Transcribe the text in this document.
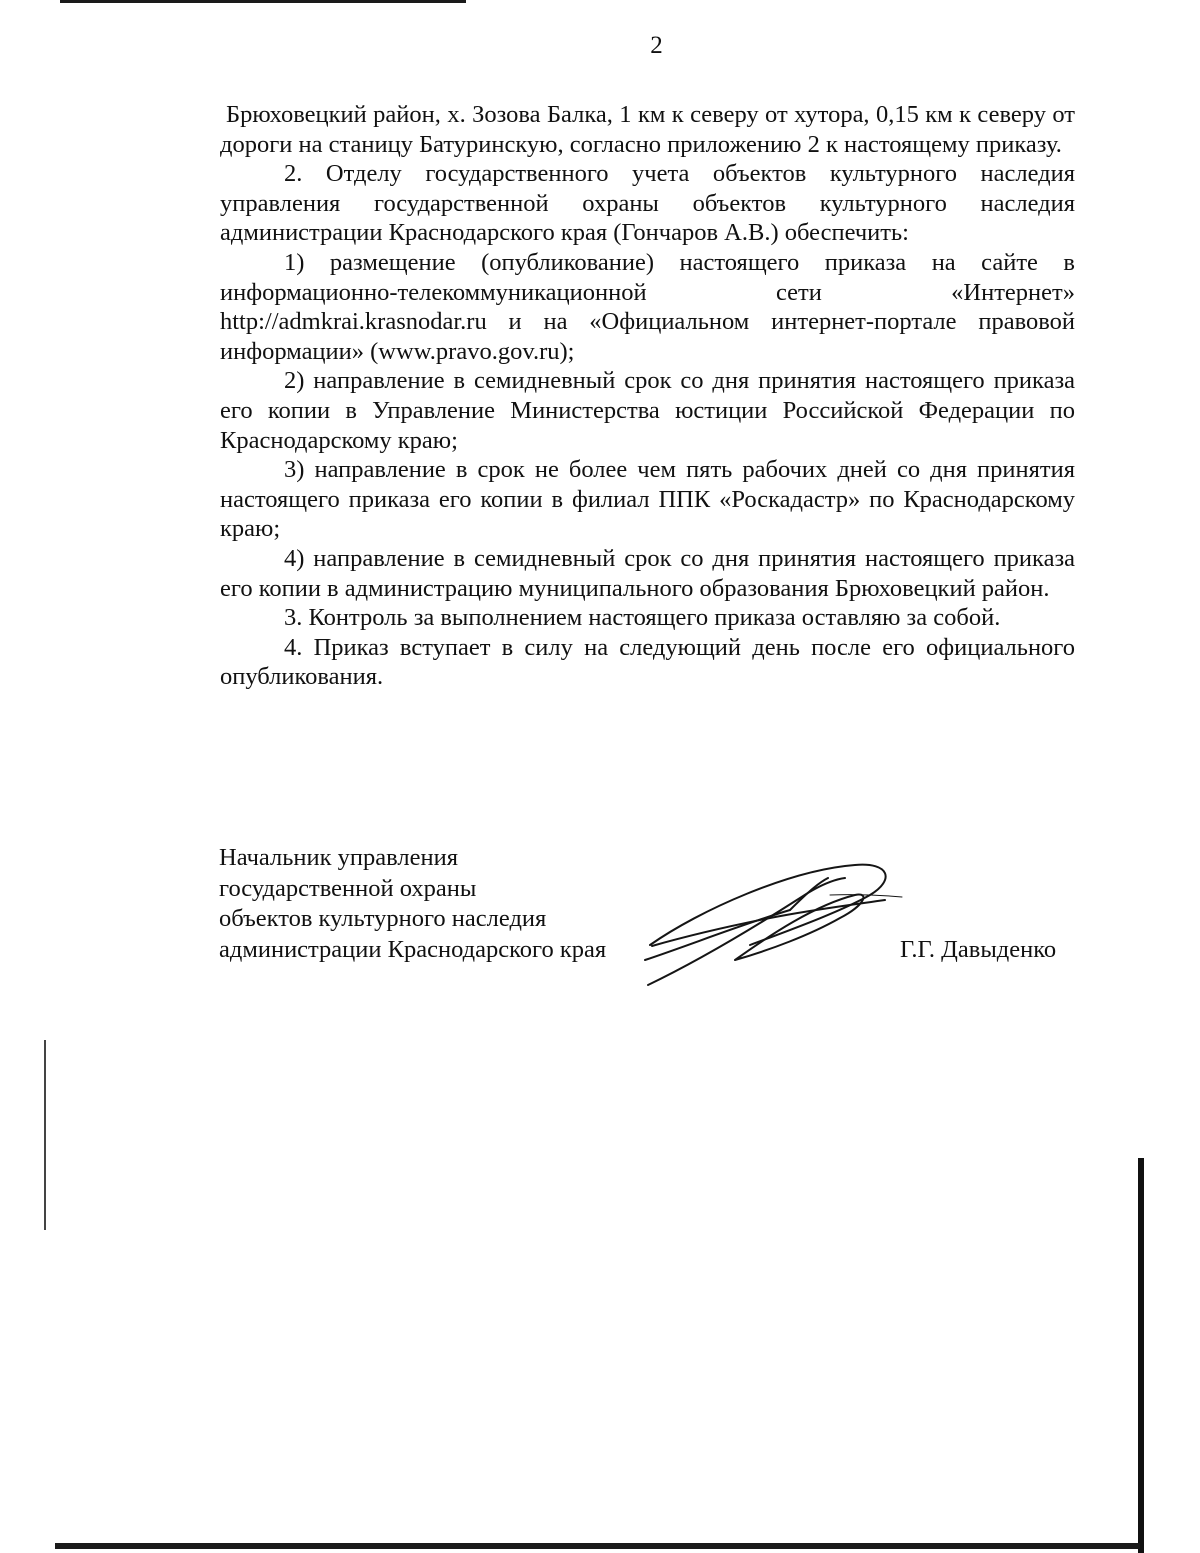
2

Брюховецкий район, х. Зозова Балка, 1 км к северу от хутора, 0,15 км к северу от дороги на станицу Батуринскую, согласно приложению 2 к настоящему приказу.

2. Отделу государственного учета объектов культурного наследия управления государственной охраны объектов культурного наследия администрации Краснодарского края (Гончаров А.В.) обеспечить:

1) размещение (опубликование) настоящего приказа на сайте в информационно-телекоммуникационной сети «Интернет» http://admkrai.krasnodar.ru и на «Официальном интернет-портале правовой информации» (www.pravo.gov.ru);

2) направление в семидневный срок со дня принятия настоящего приказа его копии в Управление Министерства юстиции Российской Федерации по Краснодарскому краю;

3) направление в срок не более чем пять рабочих дней со дня принятия настоящего приказа его копии в филиал ППК «Роскадастр» по Краснодарскому краю;

4) направление в семидневный срок со дня принятия настоящего приказа его копии в администрацию муниципального образования Брюховецкий район.

3. Контроль за выполнением настоящего приказа оставляю за собой.

4. Приказ вступает в силу на следующий день после его официального опубликования.

Начальник управления
государственной охраны
объектов культурного наследия
администрации Краснодарского края	Г.Г. Давыденко
